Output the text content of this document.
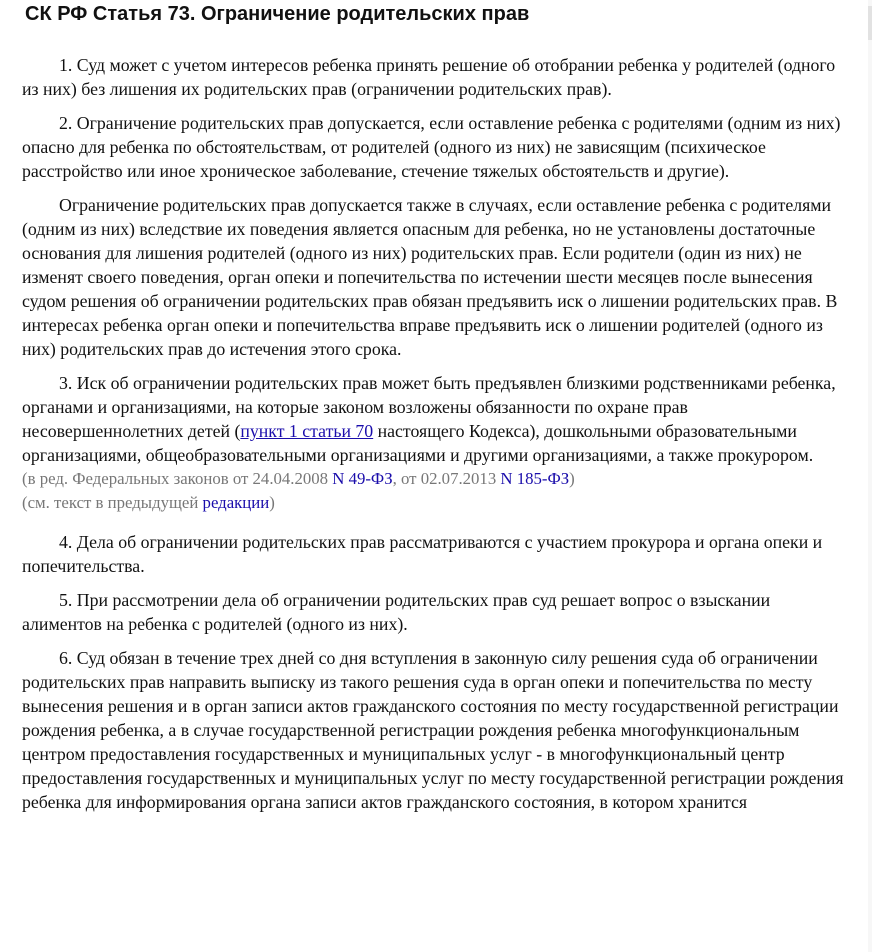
СК РФ Статья 73. Ограничение родительских прав

1. Суд может с учетом интересов ребенка принять решение об отобрании ребенка у родителей (одного из них) без лишения их родительских прав (ограничении родительских прав).

2. Ограничение родительских прав допускается, если оставление ребенка с родителями (одним из них) опасно для ребенка по обстоятельствам, от родителей (одного из них) не зависящим (психическое расстройство или иное хроническое заболевание, стечение тяжелых обстоятельств и другие).

Ограничение родительских прав допускается также в случаях, если оставление ребенка с родителями (одним из них) вследствие их поведения является опасным для ребенка, но не установлены достаточные основания для лишения родителей (одного из них) родительских прав. Если родители (один из них) не изменят своего поведения, орган опеки и попечительства по истечении шести месяцев после вынесения судом решения об ограничении родительских прав обязан предъявить иск о лишении родительских прав. В интересах ребенка орган опеки и попечительства вправе предъявить иск о лишении родителей (одного из них) родительских прав до истечения этого срока.

3. Иск об ограничении родительских прав может быть предъявлен близкими родственниками ребенка, органами и организациями, на которые законом возложены обязанности по охране прав несовершеннолетних детей (пункт 1 статьи 70 настоящего Кодекса), дошкольными образовательными организациями, общеобразовательными организациями и другими организациями, а также прокурором.

(в ред. Федеральных законов от 24.04.2008 N 49-ФЗ, от 02.07.2013 N 185-ФЗ)

(см. текст в предыдущей редакции)

4. Дела об ограничении родительских прав рассматриваются с участием прокурора и органа опеки и попечительства.

5. При рассмотрении дела об ограничении родительских прав суд решает вопрос о взыскании алиментов на ребенка с родителей (одного из них).

6. Суд обязан в течение трех дней со дня вступления в законную силу решения суда об ограничении родительских прав направить выписку из такого решения суда в орган опеки и попечительства по месту вынесения решения и в орган записи актов гражданского состояния по месту государственной регистрации рождения ребенка, а в случае государственной регистрации рождения ребенка многофункциональным центром предоставления государственных и муниципальных услуг - в многофункциональный центр предоставления государственных и муниципальных услуг по месту государственной регистрации рождения ребенка для информирования органа записи актов гражданского состояния, в котором хранится
